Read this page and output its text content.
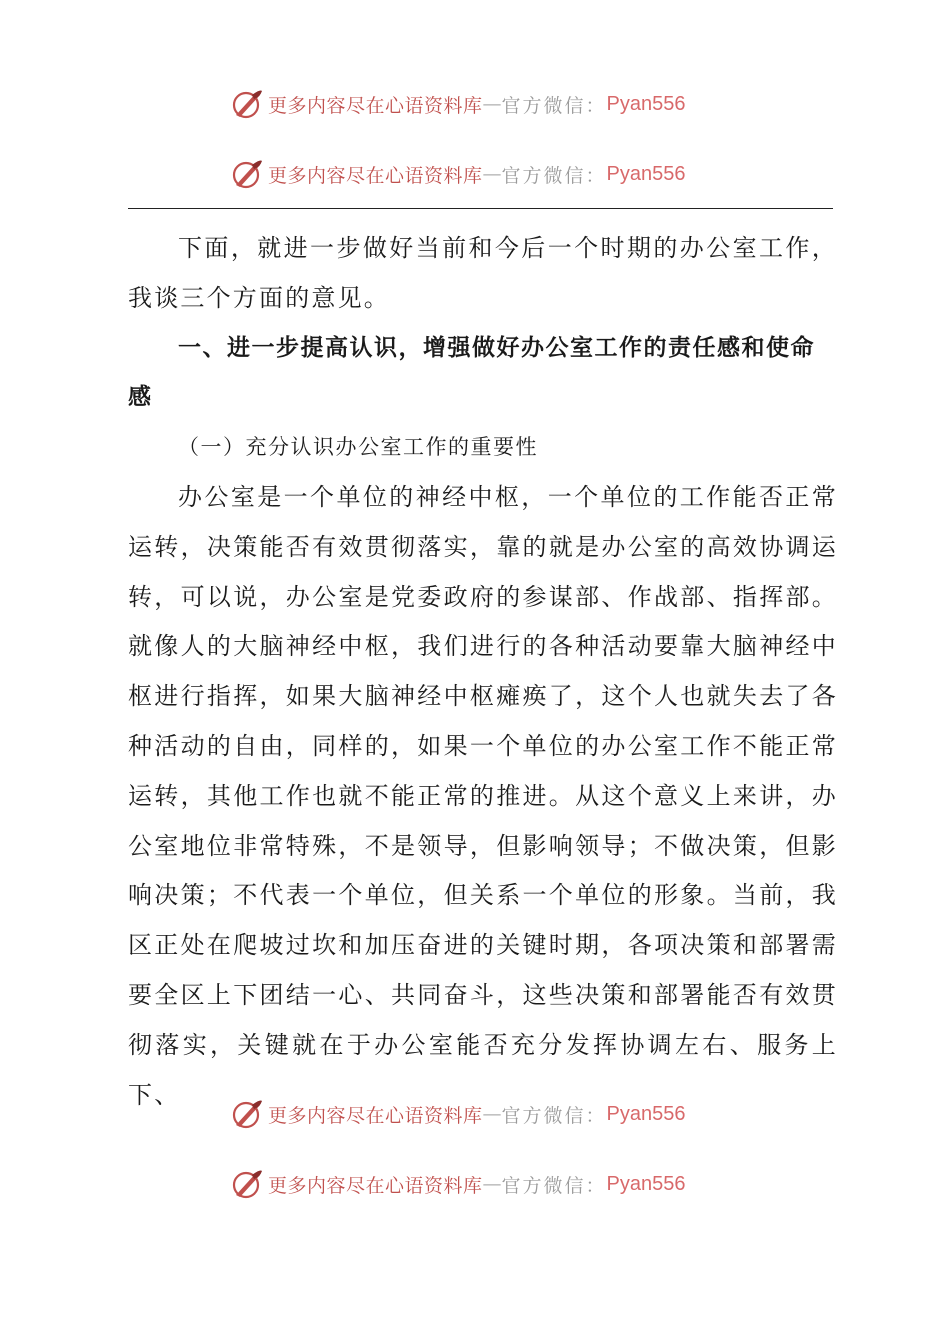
更多内容尽在心语资料库 — 官方微信： Pyan556
更多内容尽在心语资料库 — 官方微信： Pyan556

下面，就进一步做好当前和今后一个时期的办公室工作，我谈三个方面的意见。

一、进一步提高认识，增强做好办公室工作的责任感和使命感

（一）充分认识办公室工作的重要性

办公室是一个单位的神经中枢，一个单位的工作能否正常运转，决策能否有效贯彻落实，靠的就是办公室的高效协调运转，可以说，办公室是党委政府的参谋部、作战部、指挥部。就像人的大脑神经中枢，我们进行的各种活动要靠大脑神经中枢进行指挥，如果大脑神经中枢瘫痪了，这个人也就失去了各种活动的自由，同样的，如果一个单位的办公室工作不能正常运转，其他工作也就不能正常的推进。从这个意义上来讲，办公室地位非常特殊，不是领导，但影响领导；不做决策，但影响决策；不代表一个单位，但关系一个单位的形象。当前，我区正处在爬坡过坎和加压奋进的关键时期，各项决策和部署需要全区上下团结一心、共同奋斗，这些决策和部署能否有效贯彻落实，关键就在于办公室能否充分发挥协调左右、服务上下、

更多内容尽在心语资料库 — 官方微信： Pyan556
更多内容尽在心语资料库 — 官方微信： Pyan556
